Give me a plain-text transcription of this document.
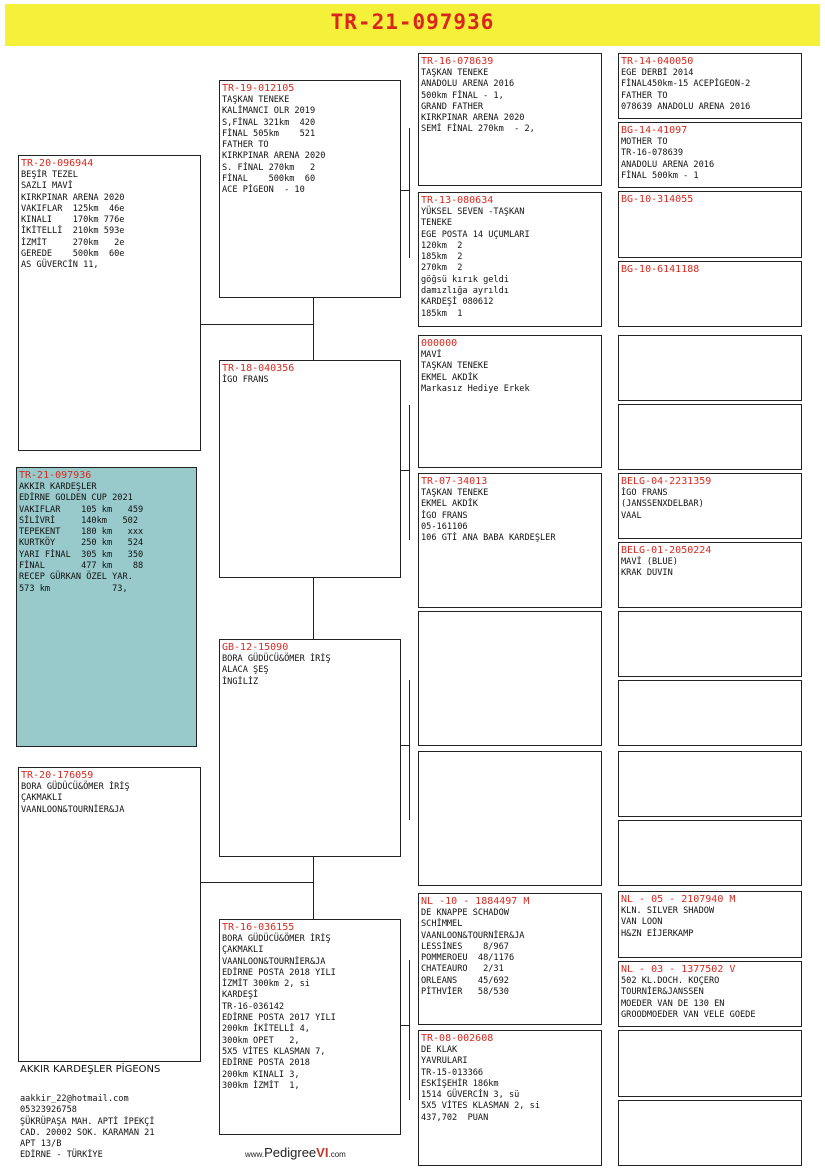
TR-21-097936
TR-20-096944
BEŞİR TEZEL
SAZLI MAVİ
KIRKPINAR ARENA 2020
VAKIFLAR  125km  46e
KINALI    170km 776e
İKİTELLİ  210km 593e
İZMİT     270km   2e
GEREDE    500km  60e
AS GÜVERCİN 11,
TR-21-097936
AKKIR KARDEŞLER
EDİRNE GOLDEN CUP 2021
VAKIFLAR    105 km   459
SİLİVRİ     140km   502
TEPEKENT    180 km   xxx
KURTKÖY     250 km   524
YARI FİNAL  305 km   350
FİNAL       477 km    88
RECEP GÜRKAN ÖZEL YAR.
573 km            73,
TR-20-176059
BORA GÜDÜCÜ&ÖMER İRİŞ
ÇAKMAKLI
VAANLOON&TOURNİER&JA
TR-19-012105
TAŞKAN TENEKE
KALİMANCI OLR 2019
S,FİNAL 321km  420
FİNAL 505km    521
FATHER TO
KIRKPINAR ARENA 2020
S. FİNAL 270km   2
FİNAL    500km  60
ACE PİGEON  - 10
TR-18-040356
İGO FRANS
GB-12-15090
BORA GÜDÜCÜ&ÖMER İRİŞ
ALACA ŞEŞ
İNGİLİZ
TR-16-036155
BORA GÜDÜCÜ&ÖMER İRİŞ
ÇAKMAKLI
VAANLOON&TOURNİER&JA
EDİRNE POSTA 2018 YILI
İZMİT 300km 2, si
KARDEŞİ
TR-16-036142
EDİRNE POSTA 2017 YILI
200km İKİTELLİ 4,
300km OPET   2,
5X5 VİTES KLASMAN 7,
EDİRNE POSTA 2018
200km KINALI 3,
300km İZMİT  1,
TR-16-078639
TAŞKAN TENEKE
ANADOLU ARENA 2016
500km FİNAL - 1,
GRAND FATHER
KIRKPINAR ARENA 2020
SEMİ FİNAL 270km  - 2,
TR-13-080634
YÜKSEL SEVEN -TAŞKAN
TENEKE
EGE POSTA 14 UÇUMLARI
120km  2
185km  2
270km  2
göğsü kırık geldi
damızlığa ayrıldı
KARDEŞİ 080612
185km  1
000000
MAVİ
TAŞKAN TENEKE
EKMEL AKDİK
Markasız Hediye Erkek
TR-07-34013
TAŞKAN TENEKE
EKMEL AKDİK
İGO FRANS
05-161106
106 GTİ ANA BABA KARDEŞLER
NL -10 - 1884497 M
DE KNAPPE SCHADOW
SCHİMMEL
VAANLOON&TOURNİER&JA
LESSİNES    8/967
POMMEROEU  48/1176
CHATEAURO   2/31
ORLEANS    45/692
PİTHVİER   58/530
TR-08-002608
DE KLAK
YAVRULARI
TR-15-013366
ESKİŞEHİR 186km
1514 GÜVERCİN 3, sü
5X5 VİTES KLASMAN 2, si
437,702  PUAN
TR-14-040050
EGE DERBİ 2014
FİNAL450km-15 ACEPİGEON-2
FATHER TO
078639 ANADOLU ARENA 2016
BG-14-41097
MOTHER TO
TR-16-078639
ANADOLU ARENA 2016
FİNAL 500km - 1
BG-10-314055
BG-10-6141188
BELG-04-2231359
İGO FRANS
(JANSSENXDELBAR)
VAAL
BELG-01-2050224
MAVİ (BLUE)
KRAK DUVIN
NL - 05 - 2107940 M
KLN. SILVER SHADOW
VAN LOON
H&ZN EİJERKAMP
NL - 03 - 1377502 V
502 KL.DOCH. KOÇERO
TOURNİER&JANSSEN
MOEDER VAN DE 130 EN
GROODMOEDER VAN VELE GOEDE
AKKIR KARDEŞLER PİGEONS
aakkir_22@hotmail.com
05323926758
ŞÜKRÜPAŞA MAH. APTİ İPEKÇİ
CAD. 20002 SOK. KARAMAN 21
APT 13/B
EDİRNE - TÜRKİYE	www.PedigreeVI.com
